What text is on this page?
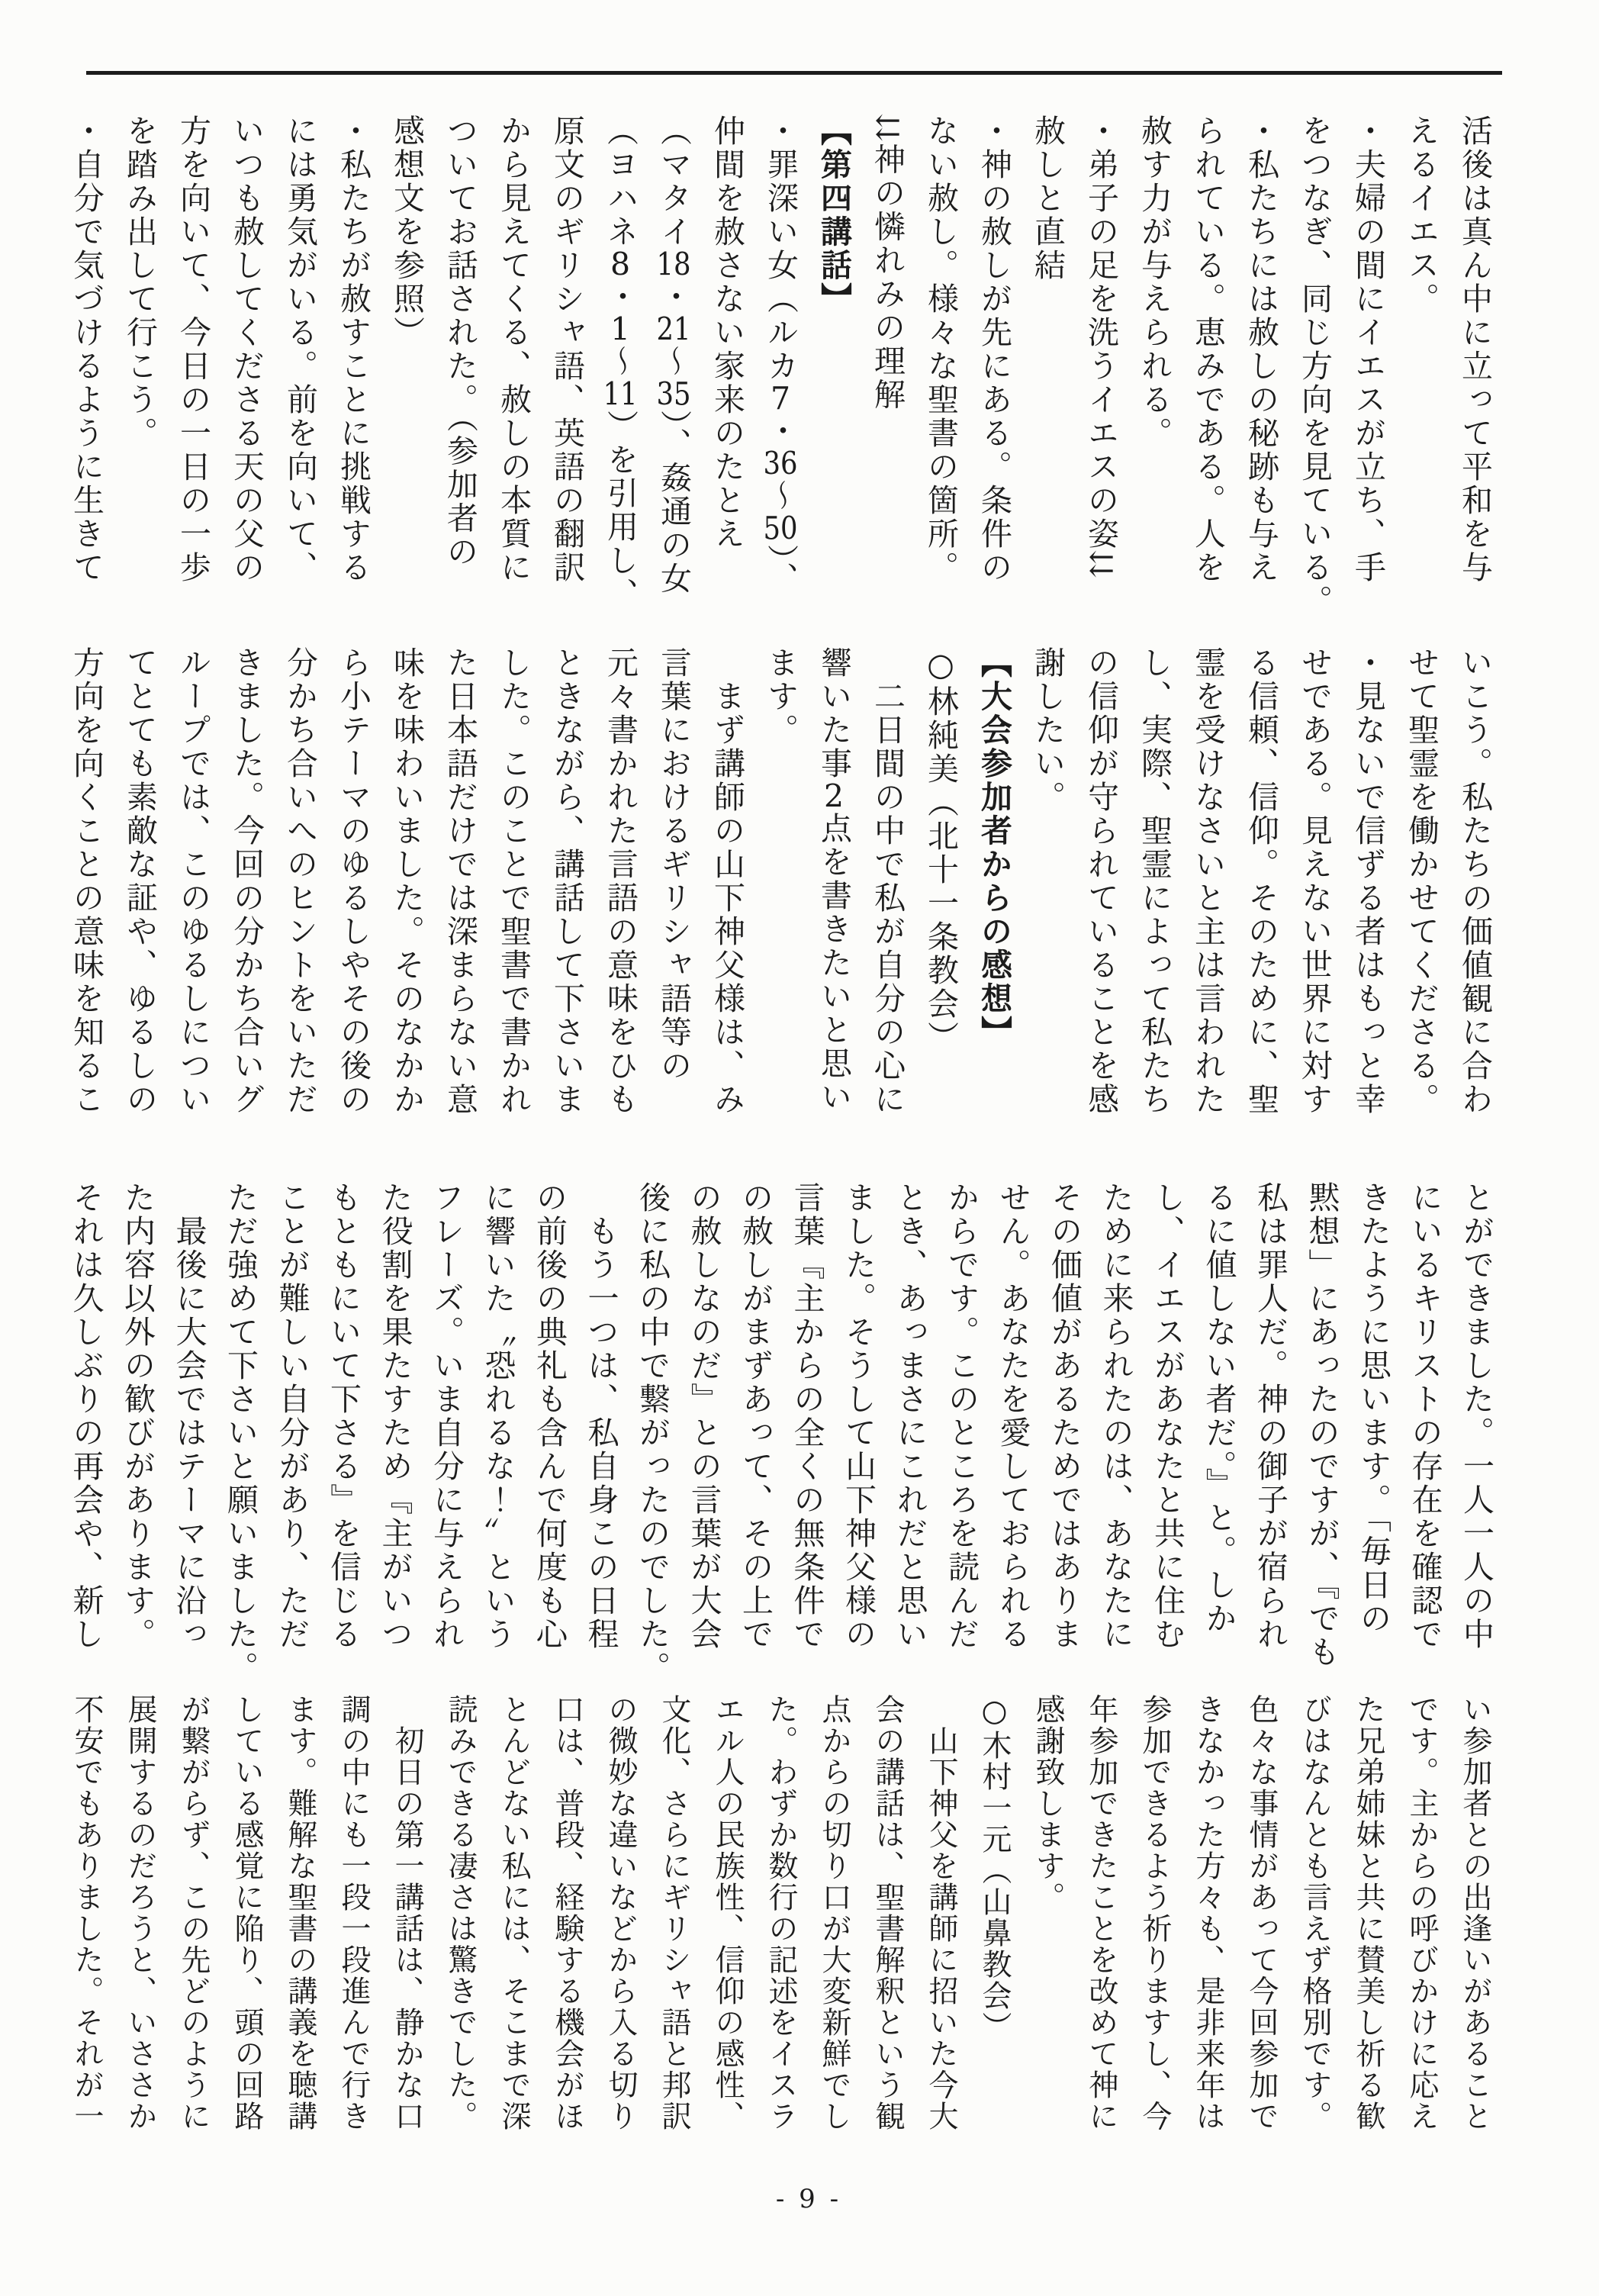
活後は真ん中に立って平和を与
えるイエス。
・夫婦の間にイエスが立ち、手
をつなぎ、同じ方向を見ている。
・私たちには赦しの秘跡も与え
られている。恵みである。人を
赦す力が与えられる。
・弟子の足を洗うイエスの姿⇊
赦しと直結
・神の赦しが先にある。条件の
ない赦し。様々な聖書の箇所。
⇊神の憐れみの理解
【第四講話】
・罪深い女（ルカ7・36～50）、
仲間を赦さない家来のたとえ
（マタイ18・21～35）、姦通の女
（ヨハネ8・1～11）を引用し、
原文のギリシャ語、英語の翻訳
から見えてくる、赦しの本質に
ついてお話された。（参加者の
感想文を参照）
・私たちが赦すことに挑戦する
には勇気がいる。前を向いて、
いつも赦してくださる天の父の
方を向いて、今日の一日の一歩
を踏み出して行こう。
・自分で気づけるように生きて
いこう。私たちの価値観に合わ
せて聖霊を働かせてくださる。
・見ないで信ずる者はもっと幸
せである。見えない世界に対す
る信頼、信仰。そのために、聖
霊を受けなさいと主は言われた
し、実際、聖霊によって私たち
の信仰が守られていることを感
謝したい。
【大会参加者からの感想】
○林純美（北十一条教会）
　二日間の中で私が自分の心に
響いた事2点を書きたいと思い
ます。
　まず講師の山下神父様は、み
言葉におけるギリシャ語等の
元々書かれた言語の意味をひも
ときながら、講話して下さいま
した。このことで聖書で書かれ
た日本語だけでは深まらない意
味を味わいました。そのなかか
ら小テーマのゆるしやその後の
分かち合いへのヒントをいただ
きました。今回の分かち合いグ
ループでは、このゆるしについ
てとても素敵な証や、ゆるしの
方向を向くことの意味を知るこ
とができました。一人一人の中
にいるキリストの存在を確認で
きたように思います。「毎日の
黙想」にあったのですが、『でも
私は罪人だ。神の御子が宿られ
るに値しない者だ。』と。しか
し、イエスがあなたと共に住む
ために来られたのは、あなたに
その価値があるためではありま
せん。あなたを愛しておられる
からです。このところを読んだ
とき、あっまさにこれだと思い
ました。そうして山下神父様の
言葉『主からの全くの無条件で
の赦しがまずあって、その上で
の赦しなのだ』との言葉が大会
後に私の中で繋がったのでした。
　もう一つは、私自身この日程
の前後の典礼も含んで何度も心
に響いた〝恐れるな！〟という
フレーズ。いま自分に与えられ
た役割を果たすため『主がいつ
もともにいて下さる』を信じる
ことが難しい自分があり、ただ
ただ強めて下さいと願いました。
　最後に大会ではテーマに沿っ
た内容以外の歓びがあります。
それは久しぶりの再会や、新し
い参加者との出逢いがあること
です。主からの呼びかけに応え
た兄弟姉妹と共に賛美し祈る歓
びはなんとも言えず格別です。
色々な事情があって今回参加で
きなかった方々も、是非来年は
参加できるよう祈りますし、今
年参加できたことを改めて神に
感謝致します。
○木村一元（山鼻教会）
　山下神父を講師に招いた今大
会の講話は、聖書解釈という観
点からの切り口が大変新鮮でし
た。わずか数行の記述をイスラ
エル人の民族性、信仰の感性、
文化、さらにギリシャ語と邦訳
の微妙な違いなどから入る切り
口は、普段、経験する機会がほ
とんどない私には、そこまで深
読みできる凄さは驚きでした。
　初日の第一講話は、静かな口
調の中にも一段一段進んで行き
ます。難解な聖書の講義を聴講
している感覚に陥り、頭の回路
が繋がらず、この先どのように
展開するのだろうと、いささか
不安でもありました。それが一
- 9 -
